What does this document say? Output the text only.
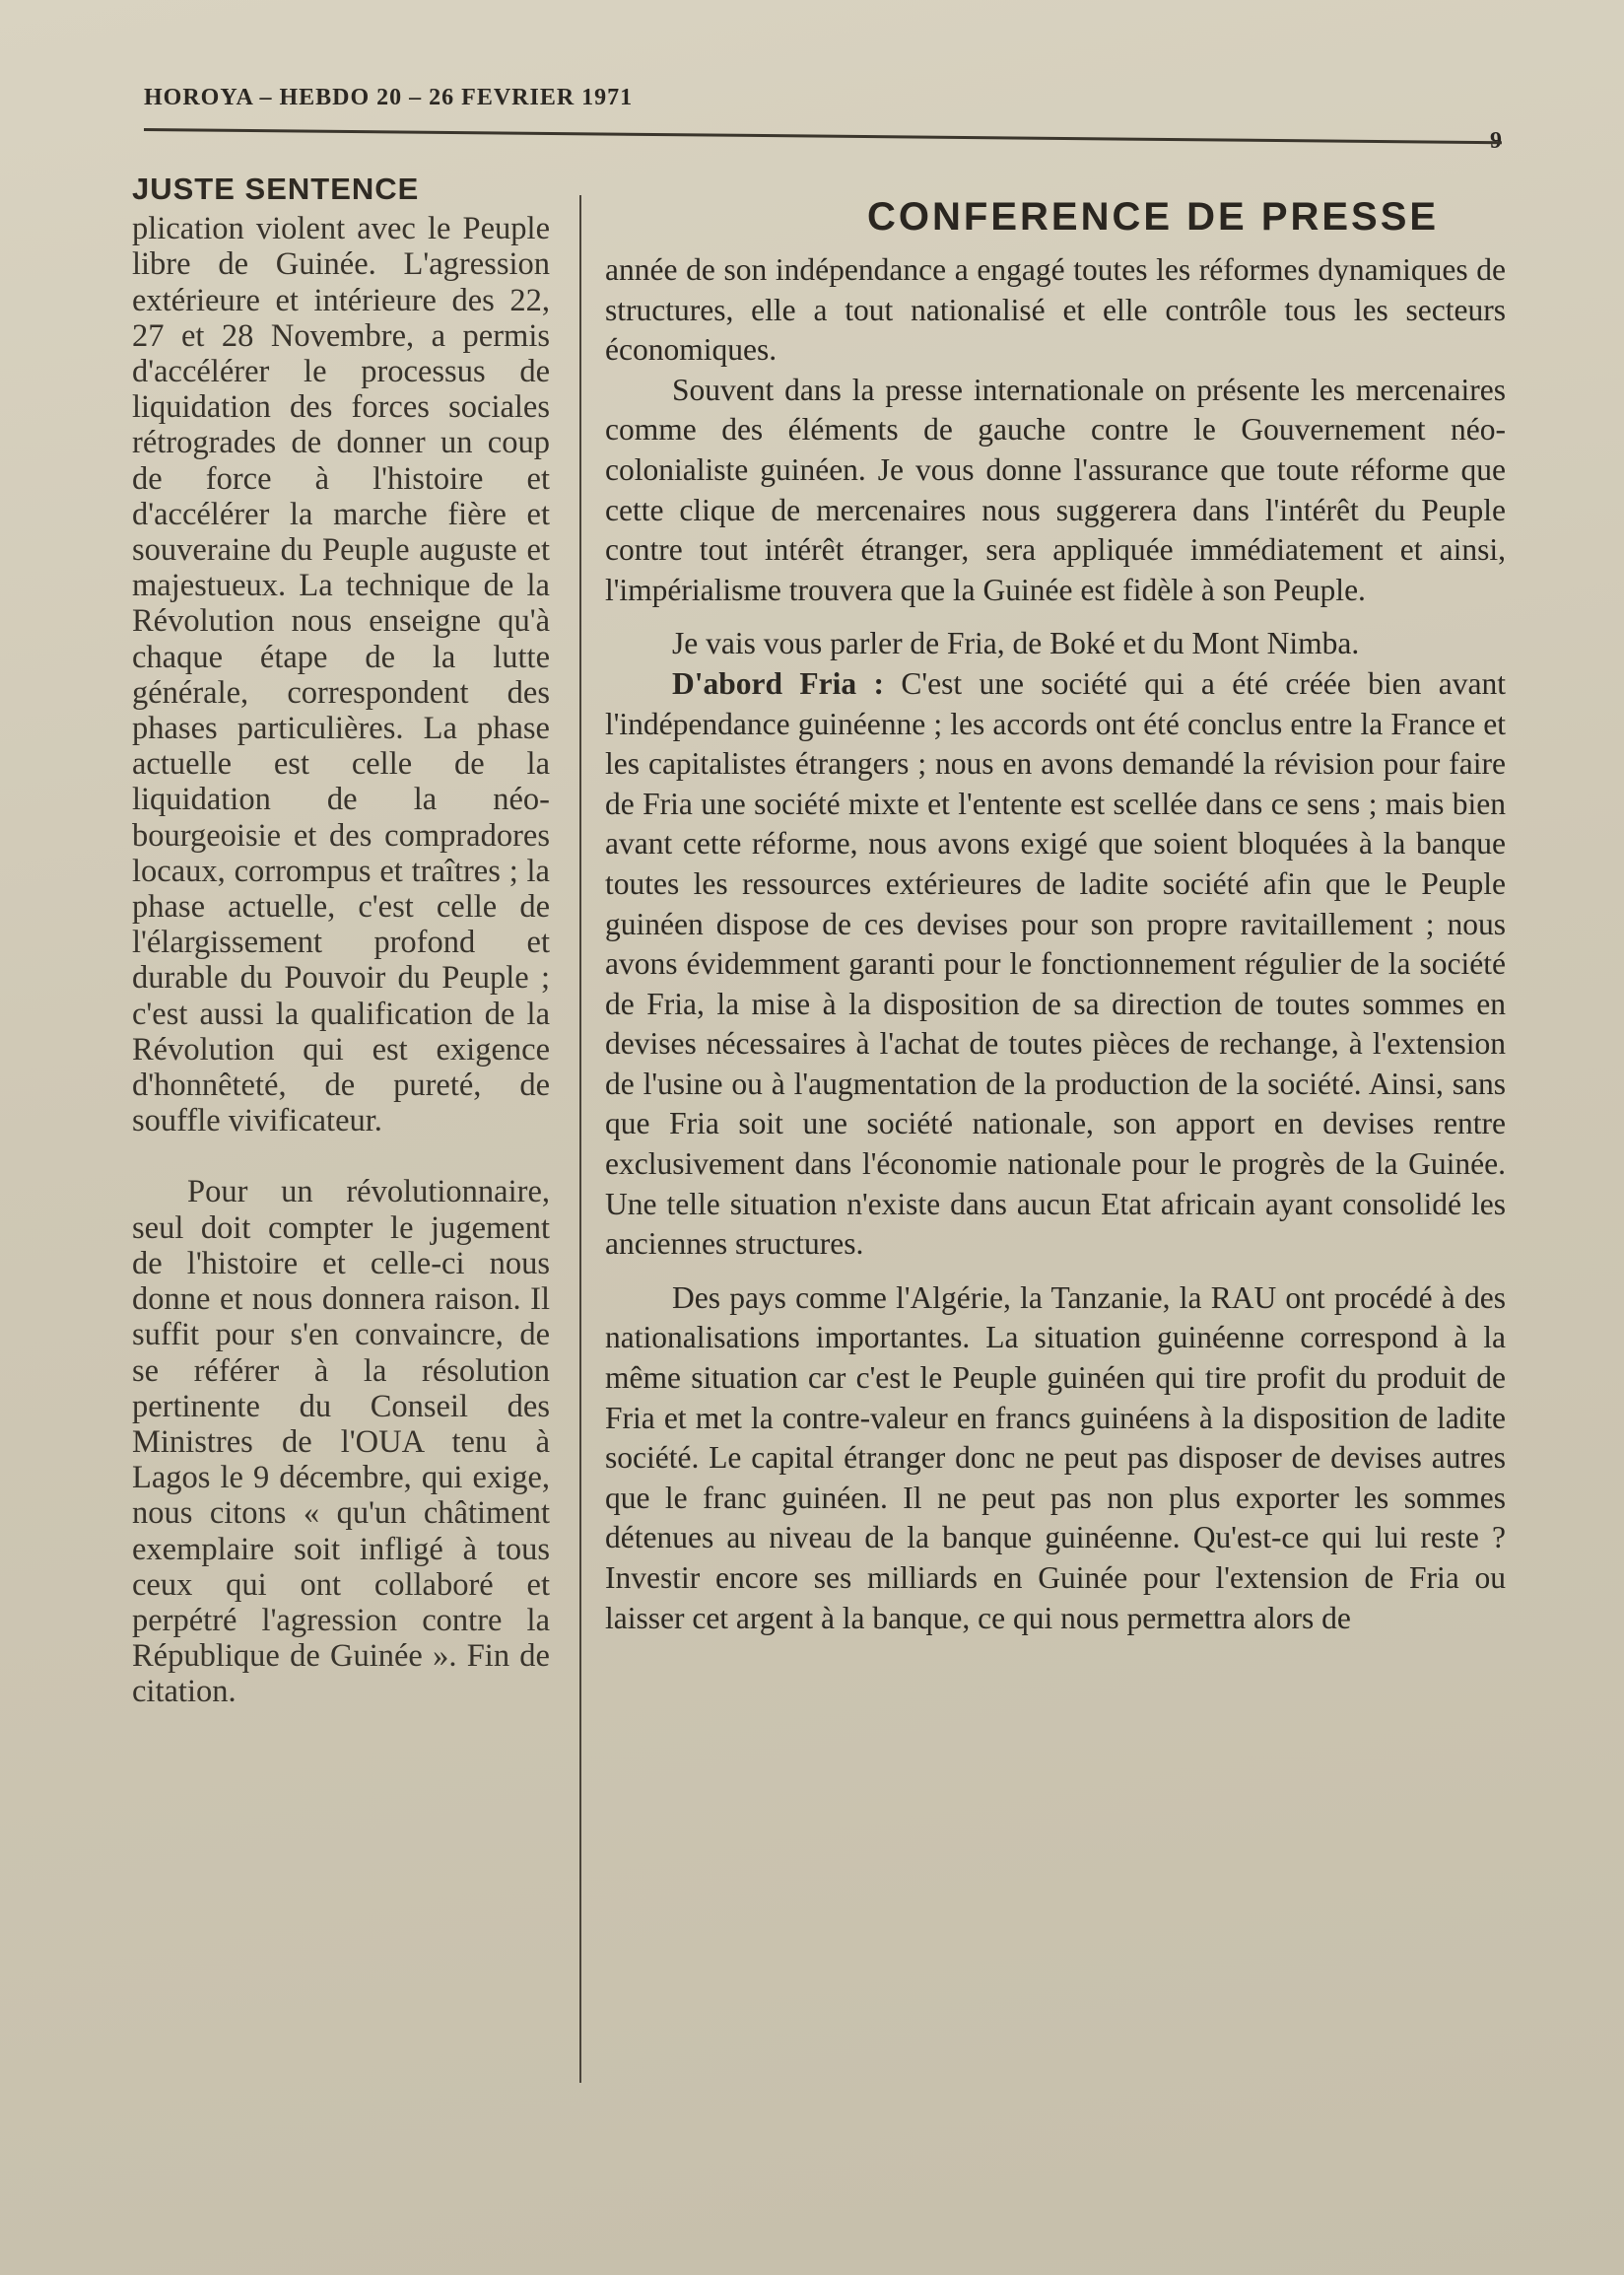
HOROYA – HEBDO 20 – 26 FEVRIER 1971
JUSTE SENTENCE

plication violent avec le Peuple libre de Guinée. L'agression extérieure et intérieure des 22, 27 et 28 Novembre, a permis d'accélérer le processus de liquidation des forces sociales rétrogrades de donner un coup de force à l'histoire et d'accélérer la marche fière et souveraine du Peuple auguste et majestueux. La technique de la Révolution nous enseigne qu'à chaque étape de la lutte générale, correspondent des phases particulières. La phase actuelle est celle de la liquidation de la néo-bourgeoisie et des compradores locaux, corrompus et traîtres ; la phase actuelle, c'est celle de l'élargissement profond et durable du Pouvoir du Peuple ; c'est aussi la qualification de la Révolution qui est exigence d'honnêteté, de pureté, de souffle vivificateur.

Pour un révolutionnaire, seul doit compter le jugement de l'histoire et celle-ci nous donne et nous donnera raison. Il suffit pour s'en convaincre, de se référer à la résolution pertinente du Conseil des Ministres de l'OUA tenu à Lagos le 9 décembre, qui exige, nous citons « qu'un châtiment exemplaire soit infligé à tous ceux qui ont collaboré et perpétré l'agression contre la République de Guinée ». Fin de citation.

CONFERENCE DE PRESSE

année de son indépendance a engagé toutes les réformes dynamiques de structures, elle a tout nationalisé et elle contrôle tous les secteurs économiques.

Souvent dans la presse internationale on présente les mercenaires comme des éléments de gauche contre le Gouvernement néo-colonialiste guinéen. Je vous donne l'assurance que toute réforme que cette clique de mercenaires nous suggerera dans l'intérêt du Peuple contre tout intérêt étranger, sera appliquée immédiatement et ainsi, l'impérialisme trouvera que la Guinée est fidèle à son Peuple.

Je vais vous parler de Fria, de Boké et du Mont Nimba.

D'abord Fria : C'est une société qui a été créée bien avant l'indépendance guinéenne ; les accords ont été conclus entre la France et les capitalistes étrangers ; nous en avons demandé la révision pour faire de Fria une société mixte et l'entente est scellée dans ce sens ; mais bien avant cette réforme, nous avons exigé que soient bloquées à la banque toutes les ressources extérieures de ladite société afin que le Peuple guinéen dispose de ces devises pour son propre ravitaillement ; nous avons évidemment garanti pour le fonctionnement régulier de la société de Fria, la mise à la disposition de sa direction de toutes sommes en devises nécessaires à l'achat de toutes pièces de rechange, à l'extension de l'usine ou à l'augmentation de la production de la société. Ainsi, sans que Fria soit une société nationale, son apport en devises rentre exclusivement dans l'économie nationale pour le progrès de la Guinée. Une telle situation n'existe dans aucun Etat africain ayant consolidé les anciennes structures.

Des pays comme l'Algérie, la Tanzanie, la RAU ont procédé à des nationalisations importantes. La situation guinéenne correspond à la même situation car c'est le Peuple guinéen qui tire profit du produit de Fria et met la contre-valeur en francs guinéens à la disposition de ladite société. Le capital étranger donc ne peut pas disposer de devises autres que le franc guinéen. Il ne peut pas non plus exporter les sommes détenues au niveau de la banque guinéenne. Qu'est-ce qui lui reste ? Investir encore ses milliards en Guinée pour l'extension de Fria ou laisser cet argent à la banque, ce qui nous permettra alors de
